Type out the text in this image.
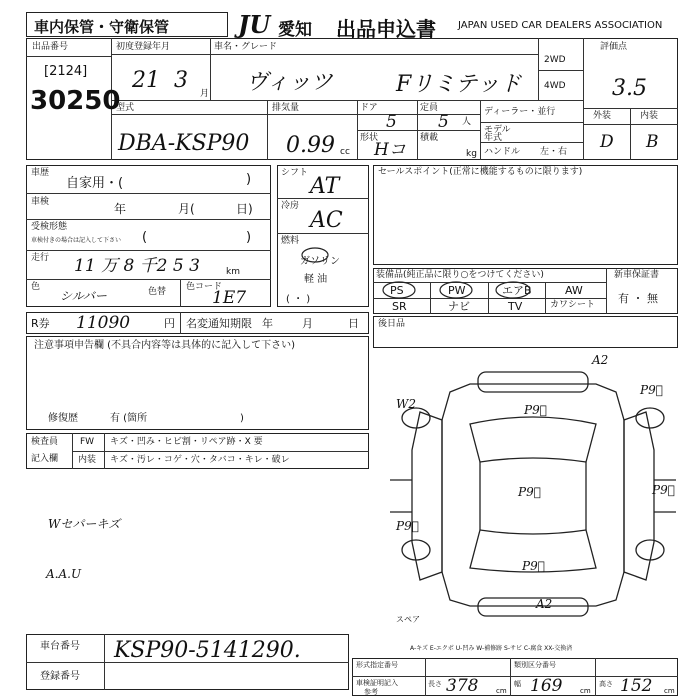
車内保管・守衛保管	JU 愛知 出品申込書 JAPAN USED CAR DEALERS ASSOCIATION
出品番号
[2124]
30250
初度登録年月
21 3
月
車名・グレード
ヴィッツ	Fリミテッド
2WD
4WD
評価点
3.5
外装	内装
D B
型式
DBA-KSP90
排気量
0.99 cc
ドア
5
形状
Hコ
定員
5 人
積載
kg
ディーラー・並行
モデル年式
ハンドル 左・右
車歴
自家用・(	)
車検	年	月(	日)
受検形態
車検付きの場合は記入して下さい (	)
走行 11 万 8 千2 5 3	km
色
シルバー	色替 色コード
1E7
シフト
AT
冷房
AC
燃料
ガソリン
軽 油
( ・ )
セールスポイント(正常に機能するものに限ります)
装備品(純正品に限り○をつけてください)
PS	PW	エアB	AW
SR	ナビ	TV	カワシート
新車保証書
有 ・ 無
R券 11090	円 名変通知期限 年	月	日 後日品
注意事項申告欄 (不具合内容等は具体的に記入して下さい)
修復歴	有 (箇所	)
検査員
記入欄
FW キズ・凹み・ヒビ割・リペア跡・X 要
内装 キズ・汚レ・コゲ・穴・タバコ・キレ・破レ
Wセパーキズ
A.A.U
A2
W2	P9゙
P9゙
P9゙	P9゙
P9゙
P9゙
A2
スペア
A-キズ E-エクボ U-凹み W-補修跡 S-サビ C-腐食 XX-交換済
車台番号 KSP90-5141290.
登録番号
形式指定番号	類別区分番号
車検証明記入
参考
長さ 378	cm
幅 169	cm
高さ 152 cm
